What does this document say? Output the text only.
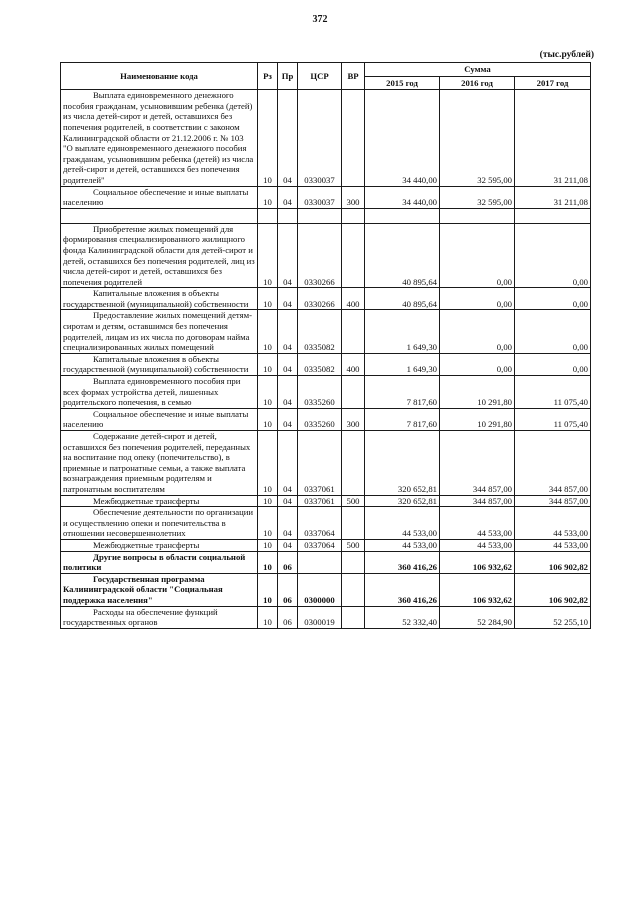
372
(тыс.рублей)
Наименование кода	Рз	Пр	ЦСР	ВР	Сумма		
					2015 год	2016 год	2017 год

Выплата единовременного денежного пособия гражданам, усыновившим ребенка (детей) из числа детей-сирот и детей, оставшихся без попечения родителей, в соответствии с законом Калининградской области от 21.12.2006 г. № 103 "О выплате единовременного денежного пособия гражданам, усыновившим ребенка (детей) из числа детей-сирот и детей, оставшихся без попечения родителей"	10	04	0330037		34 440,00	32 595,00	31 211,08

Социальное обеспечение и иные выплаты населению	10	04	0330037	300	34 440,00	32 595,00	31 211,08

Приобретение жилых помещений для формирования специализированного жилищного фонда Калининградской области для детей-сирот и детей, оставшихся без попечения родителей, лиц из числа детей-сирот и детей, оставшихся без попечения родителей	10	04	0330266		40 895,64	0,00	0,00

Капитальные вложения в объекты государственной (муниципальной) собственности	10	04	0330266	400	40 895,64	0,00	0,00

Предоставление жилых помещений детям-сиротам и детям, оставшимся без попечения родителей, лицам из их числа по договорам найма специализированных жилых помещений	10	04	0335082		1 649,30	0,00	0,00

Капитальные вложения в объекты государственной (муниципальной) собственности	10	04	0335082	400	1 649,30	0,00	0,00

Выплата единовременного пособия при всех формах устройства детей, лишенных родительского попечения, в семью	10	04	0335260		7 817,60	10 291,80	11 075,40

Социальное обеспечение и иные выплаты населению	10	04	0335260	300	7 817,60	10 291,80	11 075,40

Содержание детей-сирот и детей, оставшихся без попечения родителей, переданных на воспитание под опеку (попечительство), в приемные и патронатные семьи, а также выплата вознаграждения приемным родителям и патронатным воспитателям	10	04	0337061		320 652,81	344 857,00	344 857,00

Межбюджетные трансферты	10	04	0337061	500	320 652,81	344 857,00	344 857,00

Обеспечение деятельности по организации и осуществлению опеки и попечительства в отношении несовершеннолетних	10	04	0337064		44 533,00	44 533,00	44 533,00

Межбюджетные трансферты	10	04	0337064	500	44 533,00	44 533,00	44 533,00

Другие вопросы в области социальной политики	10	06			360 416,26	106 932,62	106 902,82

Государственная программа Калининградской области "Социальная поддержка населения"	10	06	0300000		360 416,26	106 932,62	106 902,82

Расходы на обеспечение функций государственных органов	10	06	0300019		52 332,40	52 284,90	52 255,10
